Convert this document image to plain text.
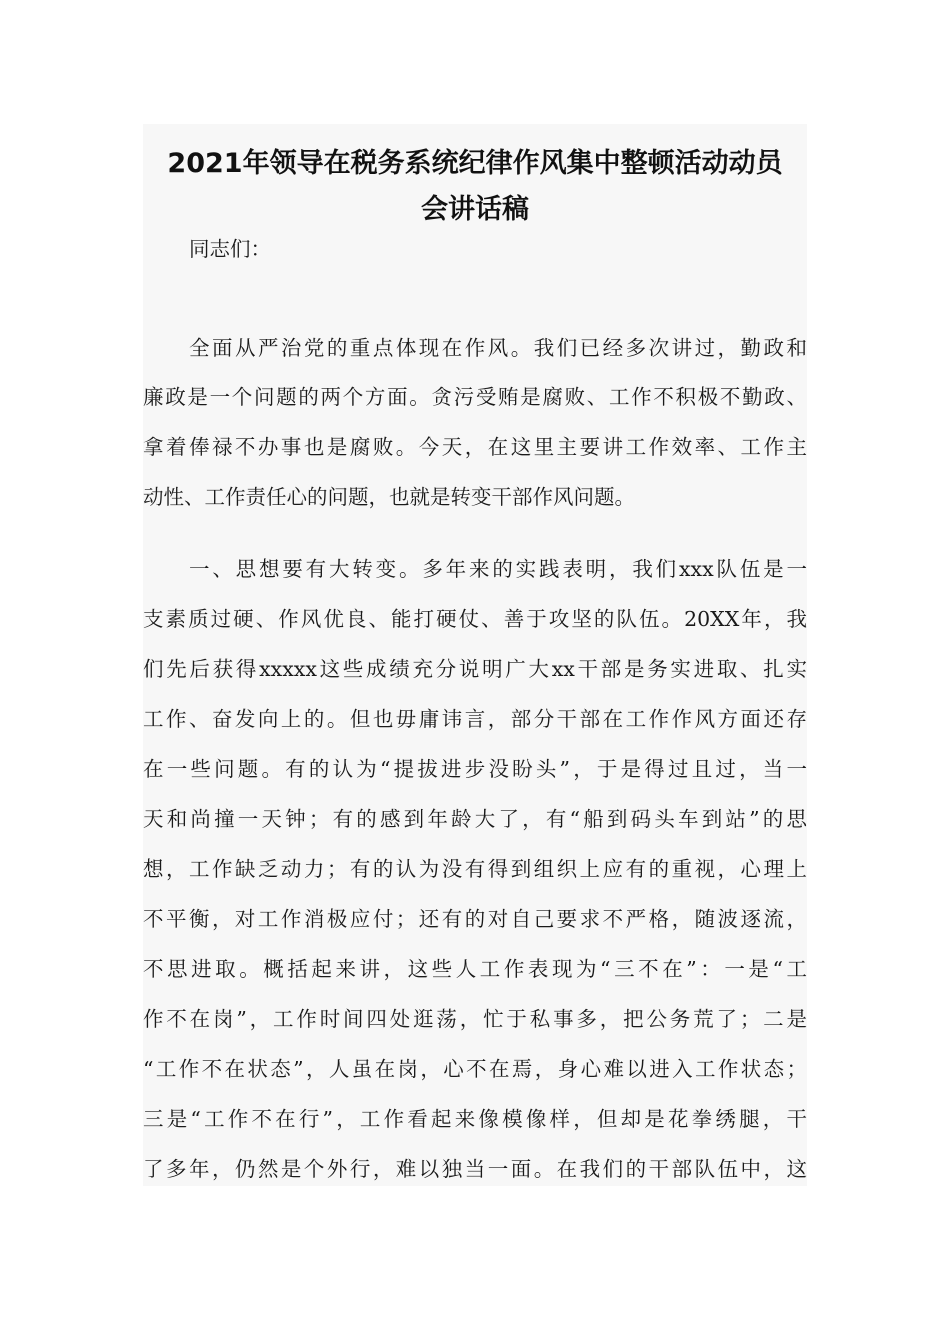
2021年领导在税务系统纪律作风集中整顿活动动员
会讲话稿
同志们：
全面从严治党的重点体现在作风。我们已经多次讲过，勤政和
廉政是一个问题的两个方面。贪污受贿是腐败、工作不积极不勤政、
拿着俸禄不办事也是腐败。今天，在这里主要讲工作效率、工作主
动性、工作责任心的问题，也就是转变干部作风问题。
一、思想要有大转变。多年来的实践表明，我们xxx队伍是一
支素质过硬、作风优良、能打硬仗、善于攻坚的队伍。20XX年，我
们先后获得xxxxx这些成绩充分说明广大xx干部是务实进取、扎实
工作、奋发向上的。但也毋庸讳言，部分干部在工作作风方面还存
在一些问题。有的认为“提拔进步没盼头”，于是得过且过，当一
天和尚撞一天钟；有的感到年龄大了，有“船到码头车到站”的思
想，工作缺乏动力；有的认为没有得到组织上应有的重视，心理上
不平衡，对工作消极应付；还有的对自己要求不严格，随波逐流，
不思进取。概括起来讲，这些人工作表现为“三不在”：一是“工
作不在岗”，工作时间四处逛荡，忙于私事多，把公务荒了；二是
“工作不在状态”，人虽在岗，心不在焉，身心难以进入工作状态；
三是“工作不在行”，工作看起来像模像样，但却是花拳绣腿，干
了多年，仍然是个外行，难以独当一面。在我们的干部队伍中，这
